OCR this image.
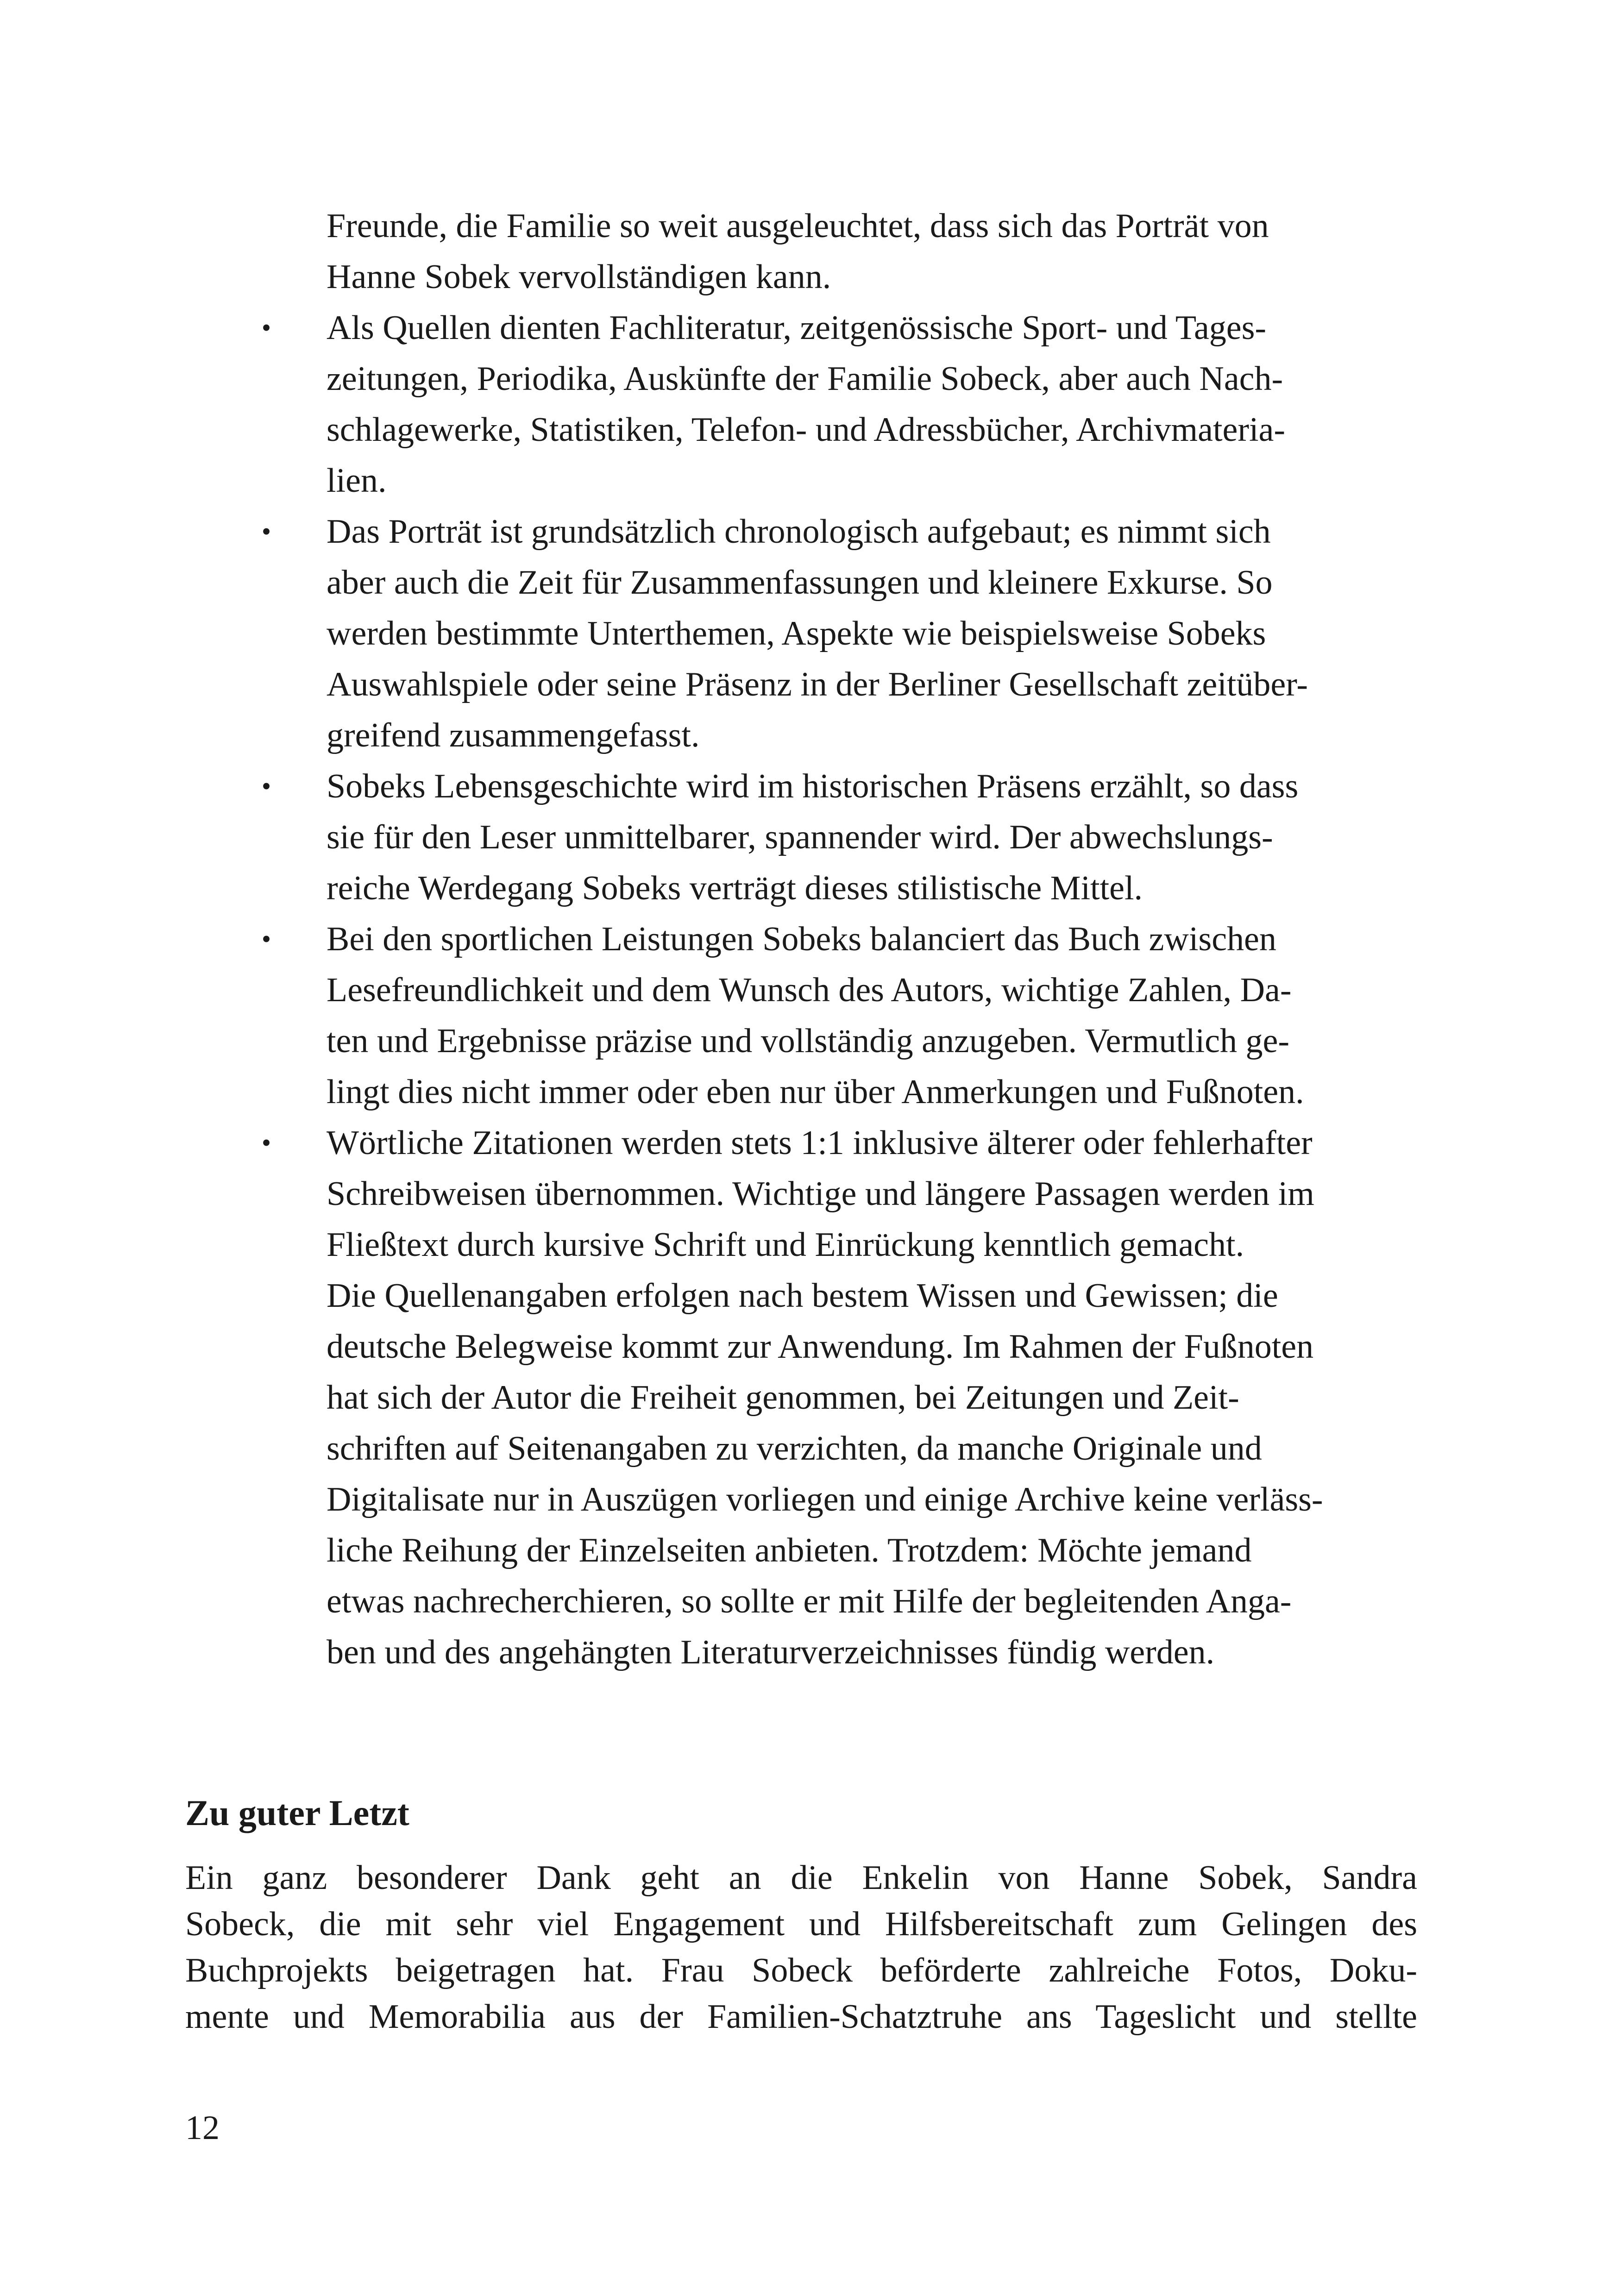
Freunde, die Familie so weit ausgeleuchtet, dass sich das Porträt von
Hanne Sobek vervollständigen kann.
• Als Quellen dienten Fachliteratur, zeitgenössische Sport- und Tages-
zeitungen, Periodika, Auskünfte der Familie Sobeck, aber auch Nach-
schlagewerke, Statistiken, Telefon- und Adressbücher, Archivmateria-
lien.
• Das Porträt ist grundsätzlich chronologisch aufgebaut; es nimmt sich
aber auch die Zeit für Zusammenfassungen und kleinere Exkurse. So
werden bestimmte Unterthemen, Aspekte wie beispielsweise Sobeks
Auswahlspiele oder seine Präsenz in der Berliner Gesellschaft zeitüber-
greifend zusammengefasst.
• Sobeks Lebensgeschichte wird im historischen Präsens erzählt, so dass
sie für den Leser unmittelbarer, spannender wird. Der abwechslungs-
reiche Werdegang Sobeks verträgt dieses stilistische Mittel.
• Bei den sportlichen Leistungen Sobeks balanciert das Buch zwischen
Lesefreundlichkeit und dem Wunsch des Autors, wichtige Zahlen, Da-
ten und Ergebnisse präzise und vollständig anzugeben. Vermutlich ge-
lingt dies nicht immer oder eben nur über Anmerkungen und Fußnoten.
• Wörtliche Zitationen werden stets 1:1 inklusive älterer oder fehlerhafter
Schreibweisen übernommen. Wichtige und längere Passagen werden im
Fließtext durch kursive Schrift und Einrückung kenntlich gemacht.
Die Quellenangaben erfolgen nach bestem Wissen und Gewissen; die
deutsche Belegweise kommt zur Anwendung. Im Rahmen der Fußnoten
hat sich der Autor die Freiheit genommen, bei Zeitungen und Zeit-
schriften auf Seitenangaben zu verzichten, da manche Originale und
Digitalisate nur in Auszügen vorliegen und einige Archive keine verläss-
liche Reihung der Einzelseiten anbieten. Trotzdem: Möchte jemand
etwas nachrecherchieren, so sollte er mit Hilfe der begleitenden Anga-
ben und des angehängten Literaturverzeichnisses fündig werden.
Zu guter Letzt

Ein ganz besonderer Dank geht an die Enkelin von Hanne Sobek, Sandra
Sobeck, die mit sehr viel Engagement und Hilfsbereitschaft zum Gelingen des
Buchprojekts beigetragen hat. Frau Sobeck beförderte zahlreiche Fotos, Doku-
mente und Memorabilia aus der Familien-Schatztruhe ans Tageslicht und stellte

12
